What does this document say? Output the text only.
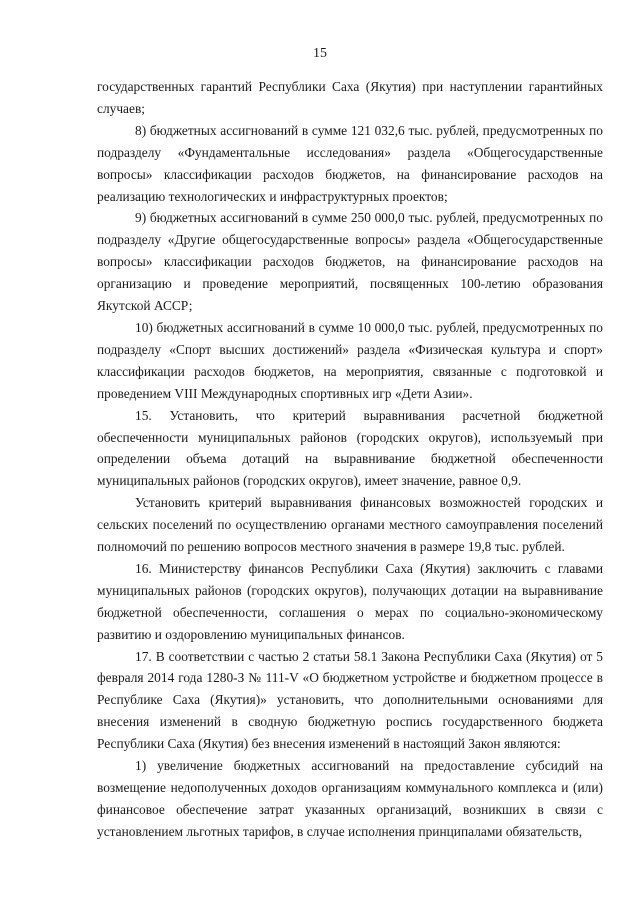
15

государственных гарантий Республики Саха (Якутия) при наступлении гарантийных случаев;

8) бюджетных ассигнований в сумме 121 032,6 тыс. рублей, предусмотренных по подразделу «Фундаментальные исследования» раздела «Общегосударственные вопросы» классификации расходов бюджетов, на финансирование расходов на реализацию технологических и инфраструктурных проектов;

9) бюджетных ассигнований в сумме 250 000,0 тыс. рублей, предусмотренных по подразделу «Другие общегосударственные вопросы» раздела «Общегосударственные вопросы» классификации расходов бюджетов, на финансирование расходов на организацию и проведение мероприятий, посвященных 100-летию образования Якутской АССР;

10) бюджетных ассигнований в сумме 10 000,0 тыс. рублей, предусмотренных по подразделу «Спорт высших достижений» раздела «Физическая культура и спорт» классификации расходов бюджетов, на мероприятия, связанные с подготовкой и проведением VIII Международных спортивных игр «Дети Азии».

15. Установить, что критерий выравнивания расчетной бюджетной обеспеченности муниципальных районов (городских округов), используемый при определении объема дотаций на выравнивание бюджетной обеспеченности муниципальных районов (городских округов), имеет значение, равное 0,9.

Установить критерий выравнивания финансовых возможностей городских и сельских поселений по осуществлению органами местного самоуправления поселений полномочий по решению вопросов местного значения в размере 19,8 тыс. рублей.

16. Министерству финансов Республики Саха (Якутия) заключить с главами муниципальных районов (городских округов), получающих дотации на выравнивание бюджетной обеспеченности, соглашения о мерах по социально-экономическому развитию и оздоровлению муниципальных финансов.

17. В соответствии с частью 2 статьи 58.1 Закона Республики Саха (Якутия) от 5 февраля 2014 года 1280-З № 111-V «О бюджетном устройстве и бюджетном процессе в Республике Саха (Якутия)» установить, что дополнительными основаниями для внесения изменений в сводную бюджетную роспись государственного бюджета Республики Саха (Якутия) без внесения изменений в настоящий Закон являются:

1) увеличение бюджетных ассигнований на предоставление субсидий на возмещение недополученных доходов организациям коммунального комплекса и (или) финансовое обеспечение затрат указанных организаций, возникших в связи с установлением льготных тарифов, в случае исполнения принципалами обязательств,
